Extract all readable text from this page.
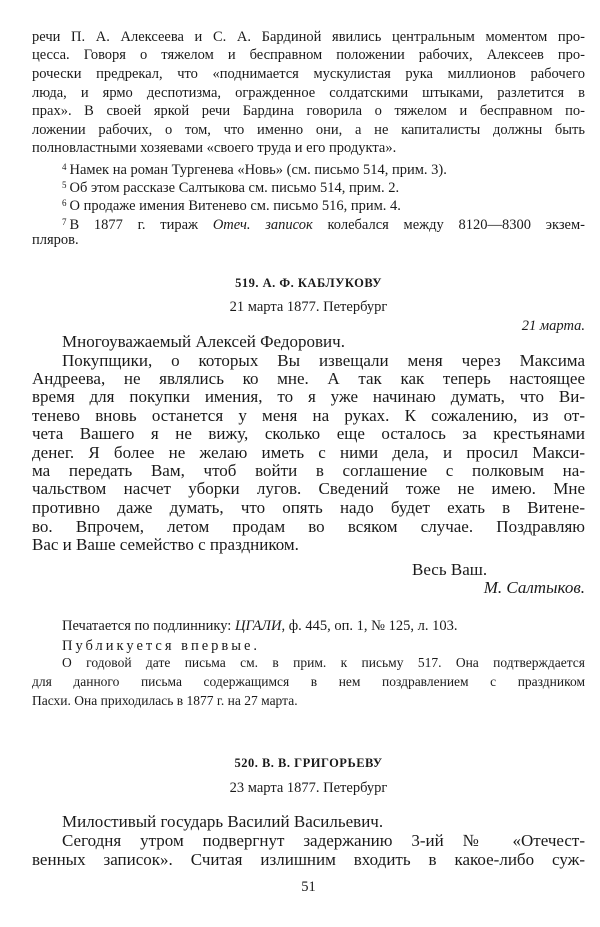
речи П. А. Алексеева и С. А. Бардиной явились центральным моментом про-
цесса. Говоря о тяжелом и бесправном положении рабочих, Алексеев про-
рочески предрекал, что «поднимается мускулистая рука миллионов рабочего
люда, и ярмо деспотизма, огражденное солдатскими штыками, разлетится в
прах». В своей яркой речи Бардина говорила о тяжелом и бесправном по-
ложении рабочих, о том, что именно они, а не капиталисты должны быть
полновластными хозяевами «своего труда и его продукта».
$^4$ Намек на роман Тургенева «Новь» (см. письмо 514, прим. 3).
$^5$ Об этом рассказе Салтыкова см. письмо 514, прим. 2.
$^6$ О продаже имения Витенево см. письмо 516, прим. 4.
$^7$ В 1877 г. тираж Отеч. записок колебался между 8120—8300 экзем-
пляров.
519. А. Ф. КАБЛУКОВУ
21 марта 1877. Петербург
21 марта.
Многоуважаемый Алексей Федорович.
Покупщики, о которых Вы извещали меня через Максима
Андреева, не являлись ко мне. А так как теперь настоящее
время для покупки имения, то я уже начинаю думать, что Ви-
тенево вновь останется у меня на руках. К сожалению, из от-
чета Вашего я не вижу, сколько еще осталось за крестьянами
денег. Я более не желаю иметь с ними дела, и просил Макси-
ма передать Вам, чтоб войти в соглашение с полковым на-
чальством насчет уборки лугов. Сведений тоже не имею. Мне
противно даже думать, что опять надо будет ехать в Витене-
во. Впрочем, летом продам во всяком случае. Поздравляю
Вас и Ваше семейство с праздником.
Весь Ваш.
М. Салтыков.
Печатается по подлиннику: ЦГАЛИ, ф. 445, оп. 1, № 125, л. 103.
Публикуется впервые.
О годовой дате письма см. в прим. к письму 517. Она подтверждается
для данного письма содержащимся в нем поздравлением с праздником
Пасхи. Она приходилась в 1877 г. на 27 марта.
520. В. В. ГРИГОРЬЕВУ
23 марта 1877. Петербург
Милостивый государь Василий Васильевич.
Сегодня утром подвергнут задержанию 3-ий № «Отечест-
венных записок». Считая излишним входить в какое-либо суж-
51
